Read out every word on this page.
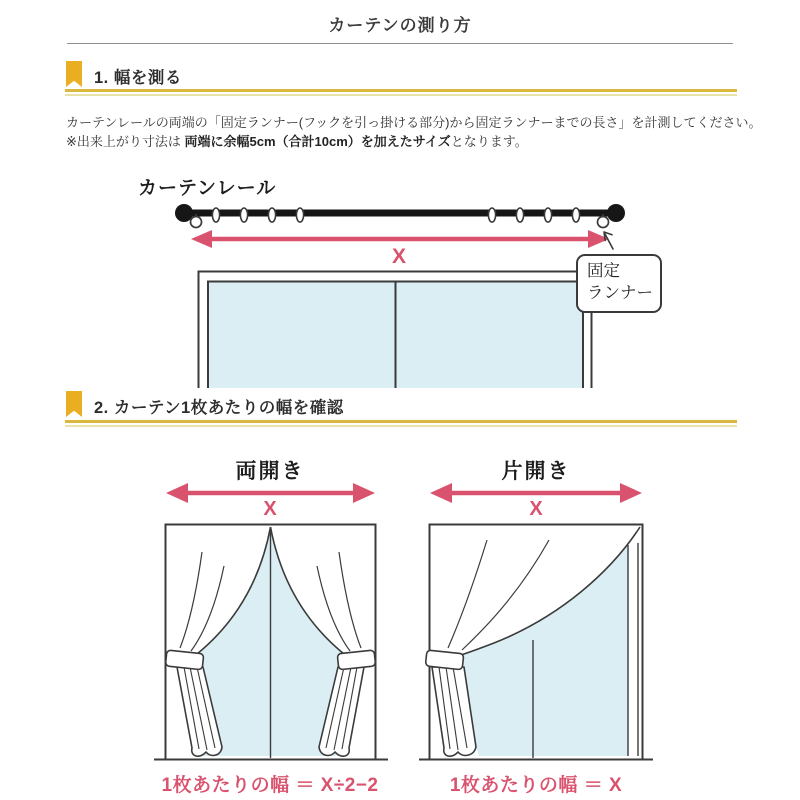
カーテンの測り方
1. 幅を測る
カーテンレールの両端の「固定ランナー(フックを引っ掛ける部分)から固定ランナーまでの長さ」を計測してください。
※出来上がり寸法は 両端に余幅5cm（合計10cm）を加えたサイズとなります。
カーテンレール
X
固定
ランナー
2. カーテン1枚あたりの幅を確認
両開き	片開き
X	X
1枚あたりの幅 ＝ X÷2−2	1枚あたりの幅 ＝ X
